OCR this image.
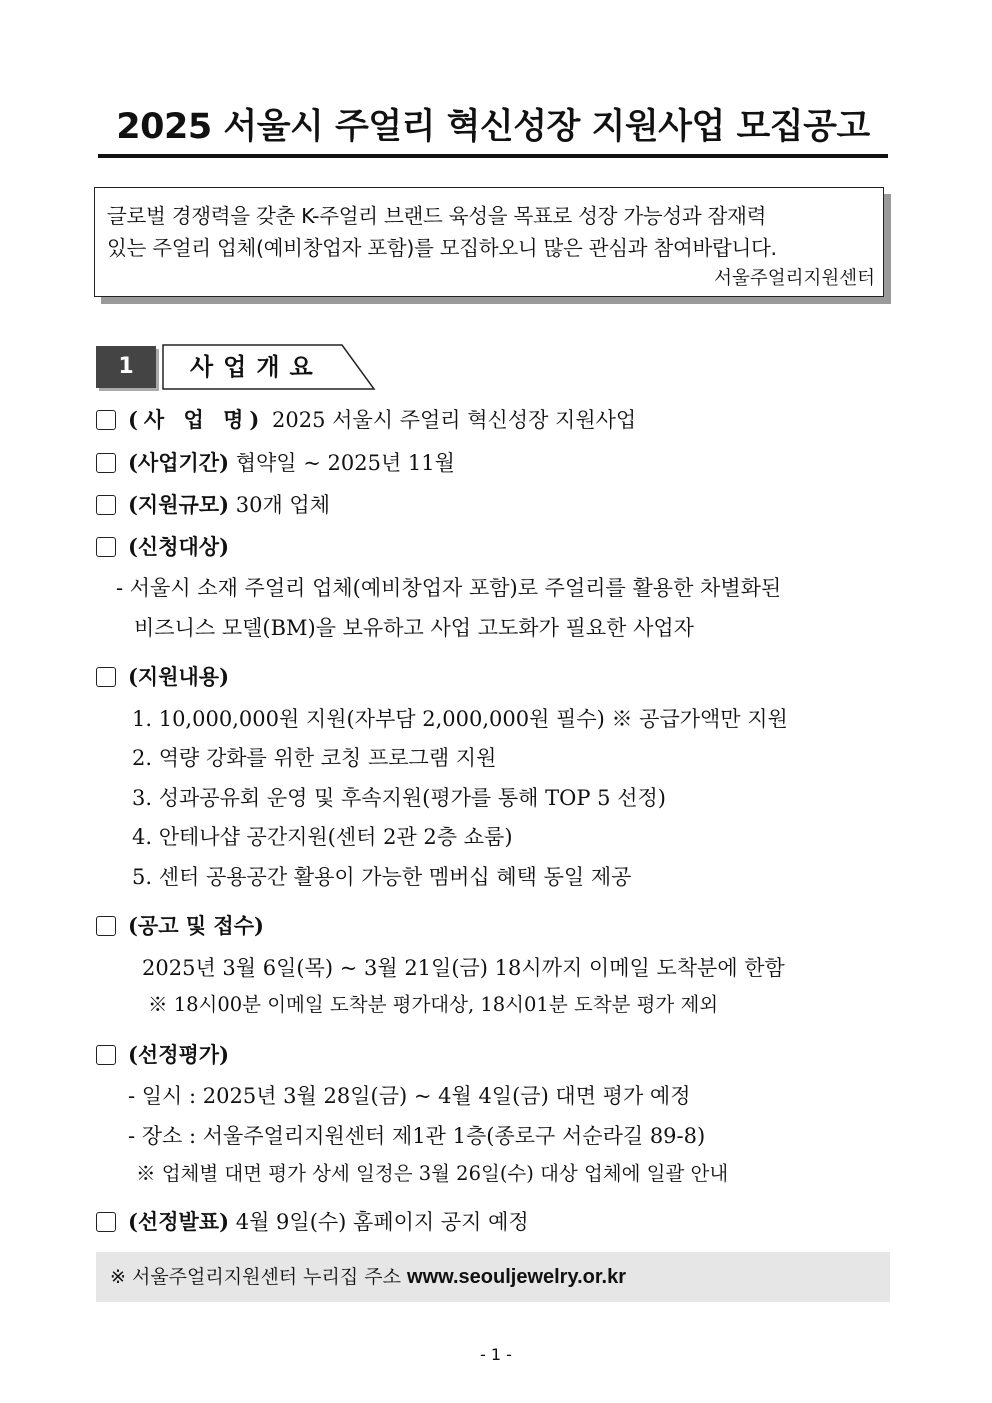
2025 서울시 주얼리 혁신성장 지원사업 모집공고
글로벌 경쟁력을 갖춘 K-주얼리 브랜드 육성을 목표로 성장 가능성과 잠재력
있는 주얼리 업체(예비창업자 포함)를 모집하오니 많은 관심과 참여바랍니다.
서울주얼리지원센터
1	사업개요
(사 업 명) 2025 서울시 주얼리 혁신성장 지원사업
(사업기간) 협약일 ~ 2025년 11월
(지원규모) 30개 업체
(신청대상)
- 서울시 소재 주얼리 업체(예비창업자 포함)로 주얼리를 활용한 차별화된
비즈니스 모델(BM)을 보유하고 사업 고도화가 필요한 사업자
(지원내용)
1. 10,000,000원 지원(자부담 2,000,000원 필수) ※ 공급가액만 지원
2. 역량 강화를 위한 코칭 프로그램 지원
3. 성과공유회 운영 및 후속지원(평가를 통해 TOP 5 선정)
4. 안테나샵 공간지원(센터 2관 2층 쇼룸)
5. 센터 공용공간 활용이 가능한 멤버십 혜택 동일 제공
(공고 및 접수)
2025년 3월 6일(목) ~ 3월 21일(금) 18시까지 이메일 도착분에 한함
※ 18시00분 이메일 도착분 평가대상, 18시01분 도착분 평가 제외
(선정평가)
- 일시 : 2025년 3월 28일(금) ~ 4월 4일(금) 대면 평가 예정
- 장소 : 서울주얼리지원센터 제1관 1층(종로구 서순라길 89-8)
※ 업체별 대면 평가 상세 일정은 3월 26일(수) 대상 업체에 일괄 안내
(선정발표) 4월 9일(수) 홈페이지 공지 예정
※ 서울주얼리지원센터 누리집 주소 www.seouljewelry.or.kr
- 1 -
